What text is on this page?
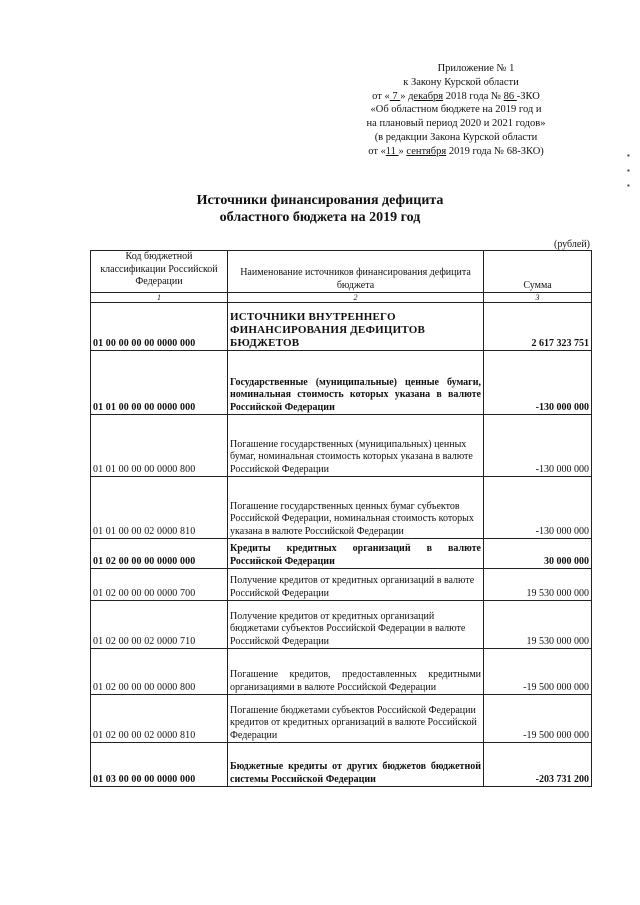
Приложение № 1
к Закону Курской области
от « 7 » декабря 2018 года № 86 -ЗКО
«Об областном бюджете на 2019 год и
на плановый период 2020 и 2021 годов»
(в редакции Закона Курской области
от «11 » сентября 2019 года № 68-ЗКО)	▪ ▪ ▪
Источники финансирования дефицита
областного бюджета на 2019 год
(рублей)
Код бюджетной классификации Российской Федерации	Наименование источников финансирования дефицита бюджета	Сумма
1	2	3
01 00 00 00 00 0000 000	ИСТОЧНИКИ ВНУТРЕННЕГО ФИНАНСИРОВАНИЯ ДЕФИЦИТОВ БЮДЖЕТОВ	2 617 323 751
01 01 00 00 00 0000 000	Государственные (муниципальные) ценные бумаги, номинальная стоимость которых указана в валюте Российской Федерации	-130 000 000
01 01 00 00 00 0000 800	Погашение государственных (муниципальных) ценных бумаг, номинальная стоимость которых указана в валюте Российской Федерации	-130 000 000
01 01 00 00 02 0000 810	Погашение государственных ценных бумаг субъектов Российской Федерации, номинальная стоимость которых указана в валюте Российской Федерации	-130 000 000
01 02 00 00 00 0000 000	Кредиты кредитных организаций в валюте Российской Федерации	30 000 000
01 02 00 00 00 0000 700	Получение кредитов от кредитных организаций в валюте Российской Федерации	19 530 000 000
01 02 00 00 02 0000 710	Получение кредитов от кредитных организаций бюджетами субъектов Российской Федерации в валюте Российской Федерации	19 530 000 000
01 02 00 00 00 0000 800	Погашение кредитов, предоставленных кредитными организациями в валюте Российской Федерации	-19 500 000 000
01 02 00 00 02 0000 810	Погашение бюджетами субъектов Российской Федерации кредитов от кредитных организаций в валюте Российской Федерации	-19 500 000 000
01 03 00 00 00 0000 000	Бюджетные кредиты от других бюджетов бюджетной системы Российской Федерации	-203 731 200
